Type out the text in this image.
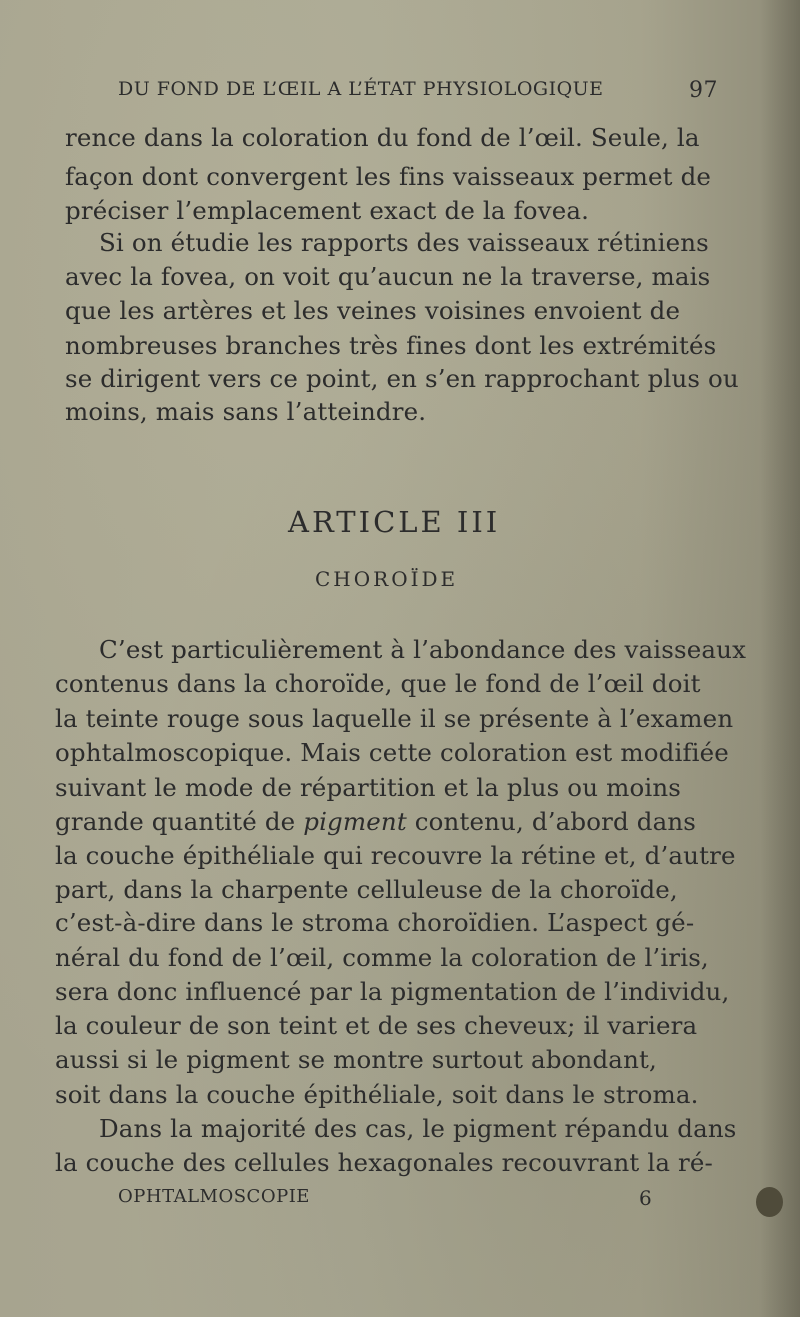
DU FOND DE L’ŒIL A L’ÉTAT PHYSIOLOGIQUE	97
rence dans la coloration du fond de l’œil. Seule, la
façon dont convergent les fins vaisseaux permet de
préciser l’emplacement exact de la fovea.
Si on étudie les rapports des vaisseaux rétiniens
avec la fovea, on voit qu’aucun ne la traverse, mais
que les artères et les veines voisines envoient de
nombreuses branches très fines dont les extrémités
se dirigent vers ce point, en s’en rapprochant plus ou
moins, mais sans l’atteindre.
ARTICLE III
CHOROÏDE
C’est particulièrement à l’abondance des vaisseaux
contenus dans la choroïde, que le fond de l’œil doit
la teinte rouge sous laquelle il se présente à l’examen
ophtalmoscopique. Mais cette coloration est modifiée
suivant le mode de répartition et la plus ou moins
grande quantité de pigment contenu, d’abord dans
la couche épithéliale qui recouvre la rétine et, d’autre
part, dans la charpente celluleuse de la choroïde,
c’est-à-dire dans le stroma choroïdien. L’aspect gé-
néral du fond de l’œil, comme la coloration de l’iris,
sera donc influencé par la pigmentation de l’individu,
la couleur de son teint et de ses cheveux; il variera
aussi si le pigment se montre surtout abondant,
soit dans la couche épithéliale, soit dans le stroma.
Dans la majorité des cas, le pigment répandu dans
la couche des cellules hexagonales recouvrant la ré-
OPHTALMOSCOPIE	6
